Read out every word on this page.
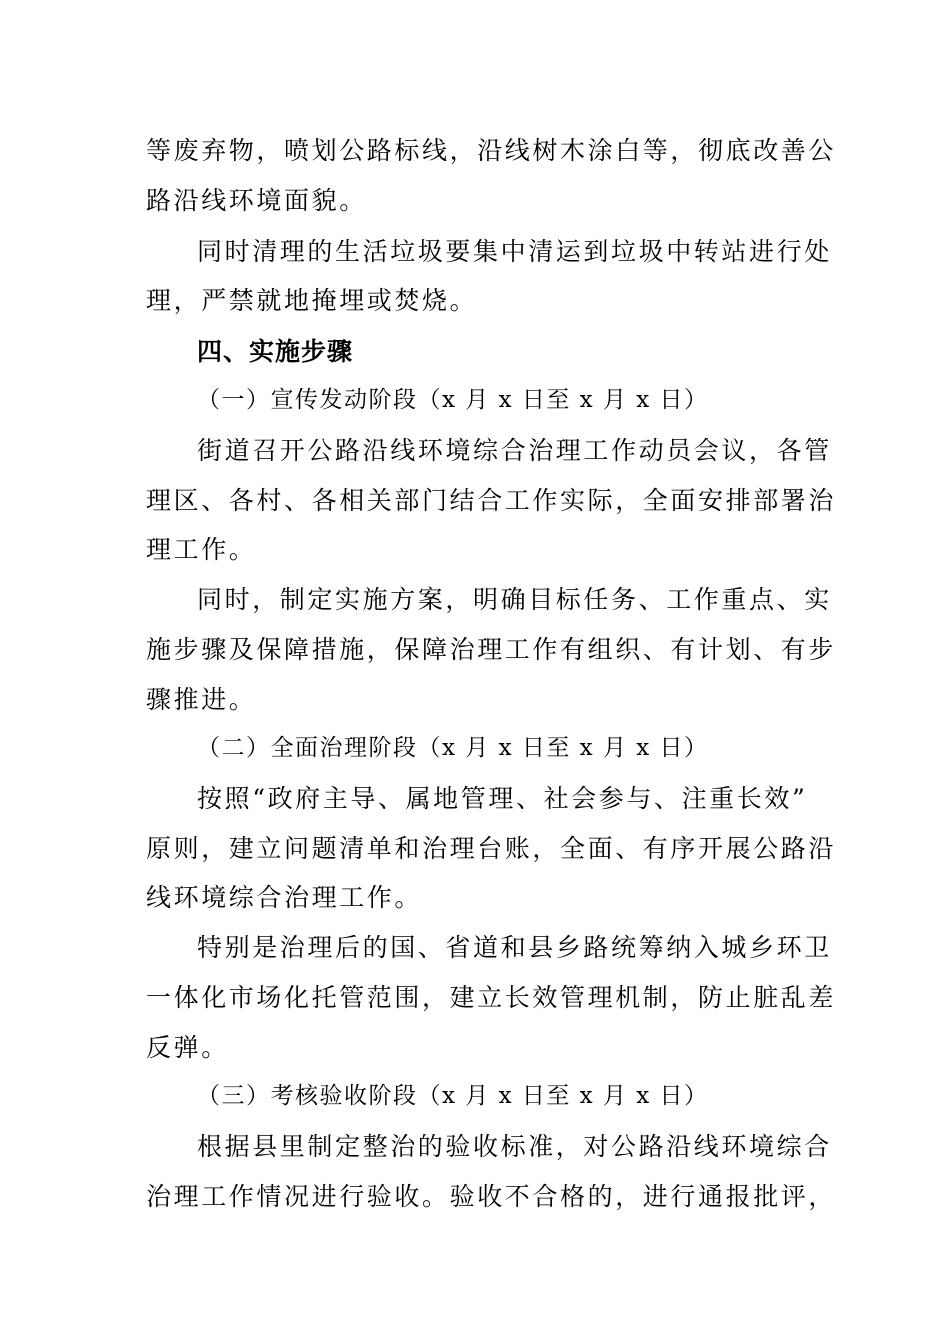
等废弃物，喷划公路标线，沿线树木涂白等，彻底改善公
路沿线环境面貌。
同时清理的生活垃圾要集中清运到垃圾中转站进行处
理，严禁就地掩埋或焚烧。
四、实施步骤
（一）宣传发动阶段（x 月 x 日至 x 月 x 日）
街道召开公路沿线环境综合治理工作动员会议，各管
理区、各村、各相关部门结合工作实际，全面安排部署治
理工作。
同时，制定实施方案，明确目标任务、工作重点、实
施步骤及保障措施，保障治理工作有组织、有计划、有步
骤推进。
（二）全面治理阶段（x 月 x 日至 x 月 x 日）
按照“政府主导、属地管理、社会参与、注重长效”
原则，建立问题清单和治理台账，全面、有序开展公路沿
线环境综合治理工作。
特别是治理后的国、省道和县乡路统筹纳入城乡环卫
一体化市场化托管范围，建立长效管理机制，防止脏乱差
反弹。
（三）考核验收阶段（x 月 x 日至 x 月 x 日）
根据县里制定整治的验收标准，对公路沿线环境综合
治理工作情况进行验收。验收不合格的，进行通报批评，
